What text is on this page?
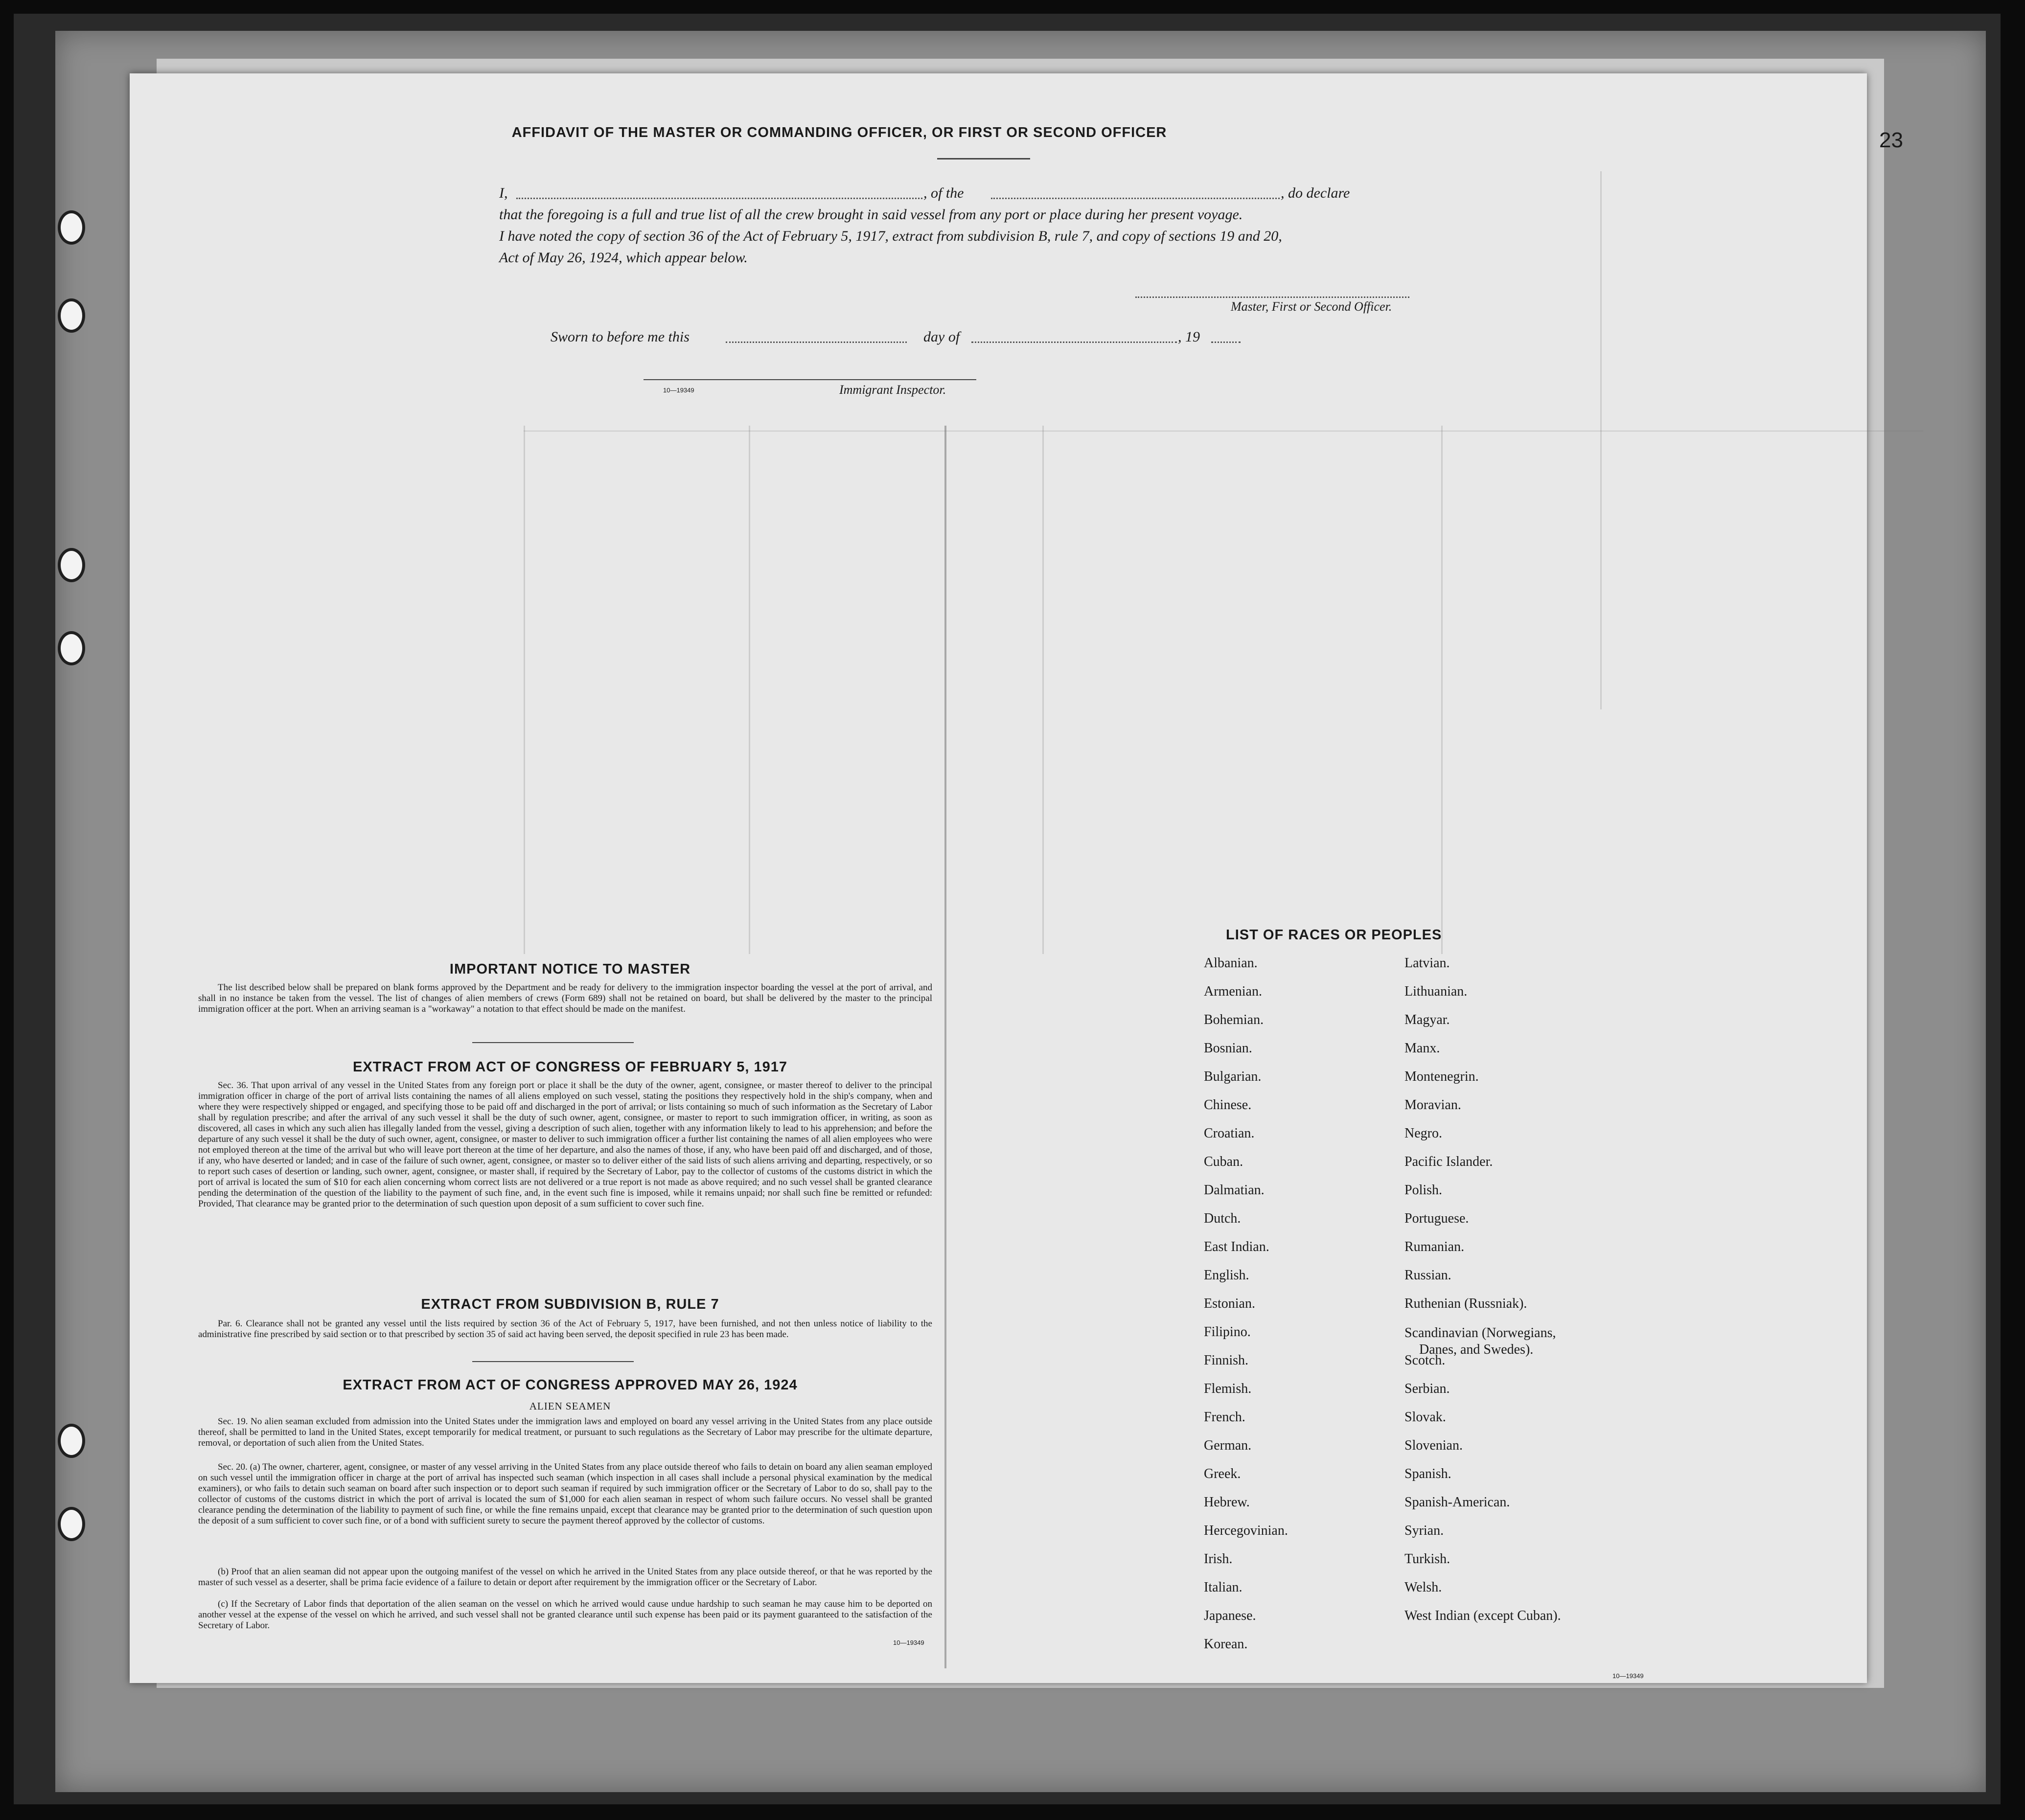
23
AFFIDAVIT OF THE MASTER OR COMMANDING OFFICER, OR FIRST OR SECOND OFFICER
I,	, of the	, do declare
that the foregoing is a full and true list of all the crew brought in said vessel from any port or place during her present voyage.
I have noted the copy of section 36 of the Act of February 5, 1917, extract from subdivision B, rule 7, and copy of sections 19 and 20,
Act of May 26, 1924, which appear below.
Master, First or Second Officer.
Sworn to before me this	day of	, 19
10—19349	Immigrant Inspector.
IMPORTANT NOTICE TO MASTER
The list described below shall be prepared on blank forms approved by the Department and be ready for delivery to the immigration inspector boarding the vessel at the port of arrival, and shall in no instance be taken from the vessel. The list of changes of alien members of crews (Form 689) shall not be retained on board, but shall be delivered by the master to the principal immigration officer at the port. When an arriving seaman is a "workaway" a notation to that effect should be made on the manifest.
EXTRACT FROM ACT OF CONGRESS OF FEBRUARY 5, 1917
Sec. 36. That upon arrival of any vessel in the United States from any foreign port or place it shall be the duty of the owner, agent, consignee, or master thereof to deliver to the principal immigration officer in charge of the port of arrival lists containing the names of all aliens employed on such vessel, stating the positions they respectively hold in the ship's company, when and where they were respectively shipped or engaged, and specifying those to be paid off and discharged in the port of arrival; or lists containing so much of such information as the Secretary of Labor shall by regulation prescribe; and after the arrival of any such vessel it shall be the duty of such owner, agent, consignee, or master to report to such immigration officer, in writing, as soon as discovered, all cases in which any such alien has illegally landed from the vessel, giving a description of such alien, together with any information likely to lead to his apprehension; and before the departure of any such vessel it shall be the duty of such owner, agent, consignee, or master to deliver to such immigration officer a further list containing the names of all alien employees who were not employed thereon at the time of the arrival but who will leave port thereon at the time of her departure, and also the names of those, if any, who have been paid off and discharged, and of those, if any, who have deserted or landed; and in case of the failure of such owner, agent, consignee, or master so to deliver either of the said lists of such aliens arriving and departing, respectively, or so to report such cases of desertion or landing, such owner, agent, consignee, or master shall, if required by the Secretary of Labor, pay to the collector of customs of the customs district in which the port of arrival is located the sum of $10 for each alien concerning whom correct lists are not delivered or a true report is not made as above required; and no such vessel shall be granted clearance pending the determination of the question of the liability to the payment of such fine, and, in the event such fine is imposed, while it remains unpaid; nor shall such fine be remitted or refunded: Provided, That clearance may be granted prior to the determination of such question upon deposit of a sum sufficient to cover such fine.
EXTRACT FROM SUBDIVISION B, RULE 7
Par. 6. Clearance shall not be granted any vessel until the lists required by section 36 of the Act of February 5, 1917, have been furnished, and not then unless notice of liability to the administrative fine prescribed by said section or to that prescribed by section 35 of said act having been served, the deposit specified in rule 23 has been made.
EXTRACT FROM ACT OF CONGRESS APPROVED MAY 26, 1924
ALIEN SEAMEN
Sec. 19. No alien seaman excluded from admission into the United States under the immigration laws and employed on board any vessel arriving in the United States from any place outside thereof, shall be permitted to land in the United States, except temporarily for medical treatment, or pursuant to such regulations as the Secretary of Labor may prescribe for the ultimate departure, removal, or deportation of such alien from the United States.
Sec. 20. (a) The owner, charterer, agent, consignee, or master of any vessel arriving in the United States from any place outside thereof who fails to detain on board any alien seaman employed on such vessel until the immigration officer in charge at the port of arrival has inspected such seaman (which inspection in all cases shall include a personal physical examination by the medical examiners), or who fails to detain such seaman on board after such inspection or to deport such seaman if required by such immigration officer or the Secretary of Labor to do so, shall pay to the collector of customs of the customs district in which the port of arrival is located the sum of $1,000 for each alien seaman in respect of whom such failure occurs. No vessel shall be granted clearance pending the determination of the liability to payment of such fine, or while the fine remains unpaid, except that clearance may be granted prior to the determination of such question upon the deposit of a sum sufficient to cover such fine, or of a bond with sufficient surety to secure the payment thereof approved by the collector of customs.
(b) Proof that an alien seaman did not appear upon the outgoing manifest of the vessel on which he arrived in the United States from any place outside thereof, or that he was reported by the master of such vessel as a deserter, shall be prima facie evidence of a failure to detain or deport after requirement by the immigration officer or the Secretary of Labor.
(c) If the Secretary of Labor finds that deportation of the alien seaman on the vessel on which he arrived would cause undue hardship to such seaman he may cause him to be deported on another vessel at the expense of the vessel on which he arrived, and such vessel shall not be granted clearance until such expense has been paid or its payment guaranteed to the satisfaction of the Secretary of Labor.
10—19349
LIST OF RACES OR PEOPLES
Albanian.
Armenian.
Bohemian.
Bosnian.
Bulgarian.
Chinese.
Croatian.
Cuban.
Dalmatian.
Dutch.
East Indian.
English.
Estonian.
Filipino.
Finnish.
Flemish.
French.
German.
Greek.
Hebrew.
Hercegovinian.
Irish.
Italian.
Japanese.
Korean.
Latvian.
Lithuanian.
Magyar.
Manx.
Montenegrin.
Moravian.
Negro.
Pacific Islander.
Polish.
Portuguese.
Rumanian.
Russian.
Ruthenian (Russniak).
Scandinavian (Norwegians,
Danes, and Swedes).
Scotch.
Serbian.
Slovak.
Slovenian.
Spanish.
Spanish-American.
Syrian.
Turkish.
Welsh.
West Indian (except Cuban).
10—19349
